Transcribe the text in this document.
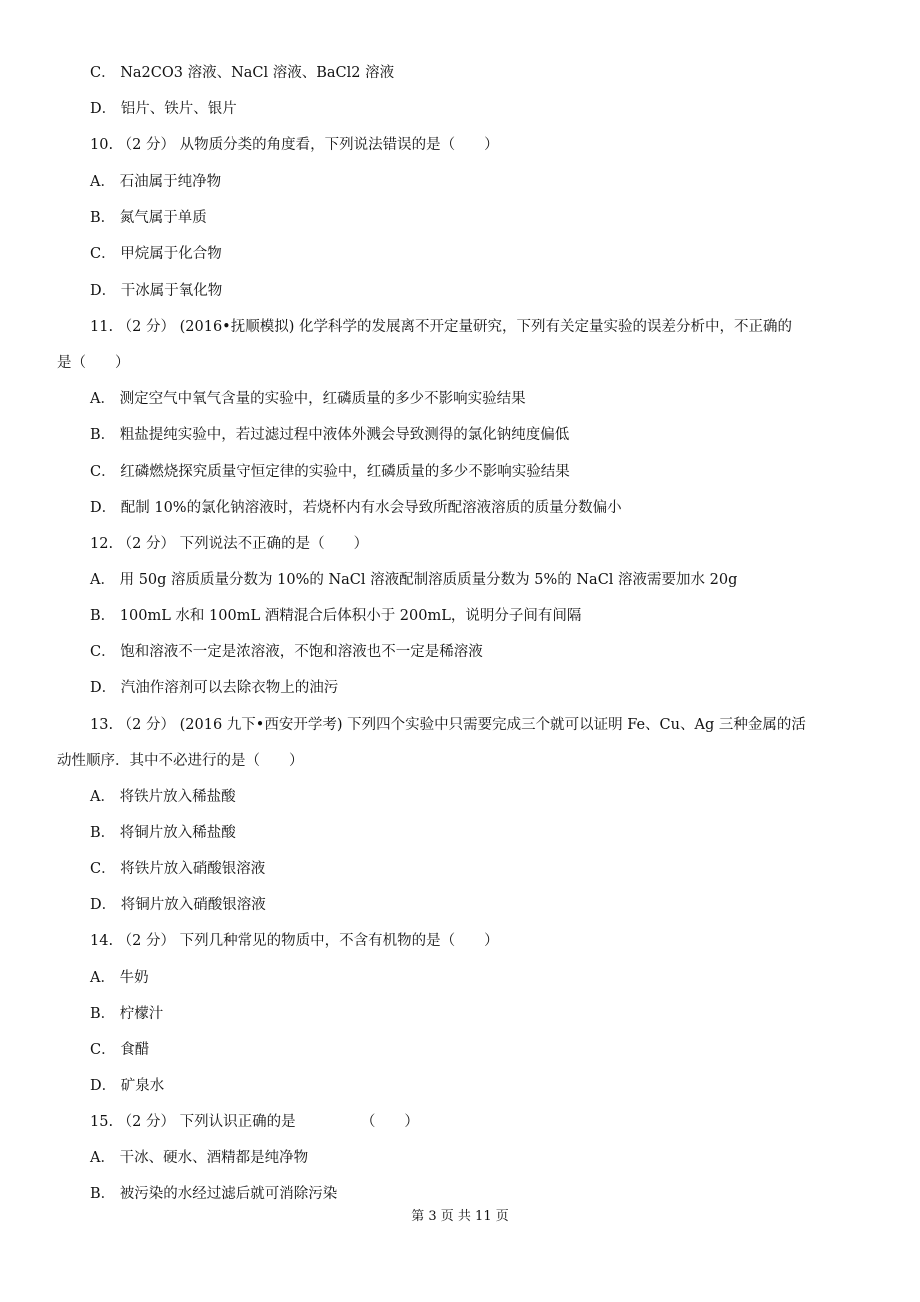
C． Na2CO3 溶液、NaCl 溶液、BaCl2 溶液
D． 铝片、铁片、银片
10. （2 分） 从物质分类的角度看，下列说法错误的是（　　）
A． 石油属于纯净物
B． 氮气属于单质
C． 甲烷属于化合物
D． 干冰属于氧化物
11. （2 分） (2016•抚顺模拟) 化学科学的发展离不开定量研究，下列有关定量实验的误差分析中，不正确的
是（　　）
A． 测定空气中氧气含量的实验中，红磷质量的多少不影响实验结果
B． 粗盐提纯实验中，若过滤过程中液体外溅会导致测得的氯化钠纯度偏低
C． 红磷燃烧探究质量守恒定律的实验中，红磷质量的多少不影响实验结果
D． 配制 10%的氯化钠溶液时，若烧杯内有水会导致所配溶液溶质的质量分数偏小
12. （2 分） 下列说法不正确的是（　　）
A． 用 50g 溶质质量分数为 10%的 NaCl 溶液配制溶质质量分数为 5%的 NaCl 溶液需要加水 20g
B． 100mL 水和 100mL 酒精混合后体积小于 200mL，说明分子间有间隔
C． 饱和溶液不一定是浓溶液，不饱和溶液也不一定是稀溶液
D． 汽油作溶剂可以去除衣物上的油污
13. （2 分） (2016 九下•西安开学考) 下列四个实验中只需要完成三个就可以证明 Fe、Cu、Ag 三种金属的活
动性顺序．其中不必进行的是（　　）
A． 将铁片放入稀盐酸
B． 将铜片放入稀盐酸
C． 将铁片放入硝酸银溶液
D． 将铜片放入硝酸银溶液
14. （2 分） 下列几种常见的物质中，不含有机物的是（　　）
A． 牛奶
B． 柠檬汁
C． 食醋
D． 矿泉水
15. （2 分） 下列认识正确的是　　　　　（　　）
A． 干冰、硬水、酒精都是纯净物
B． 被污染的水经过滤后就可消除污染
第 3 页 共 11 页
